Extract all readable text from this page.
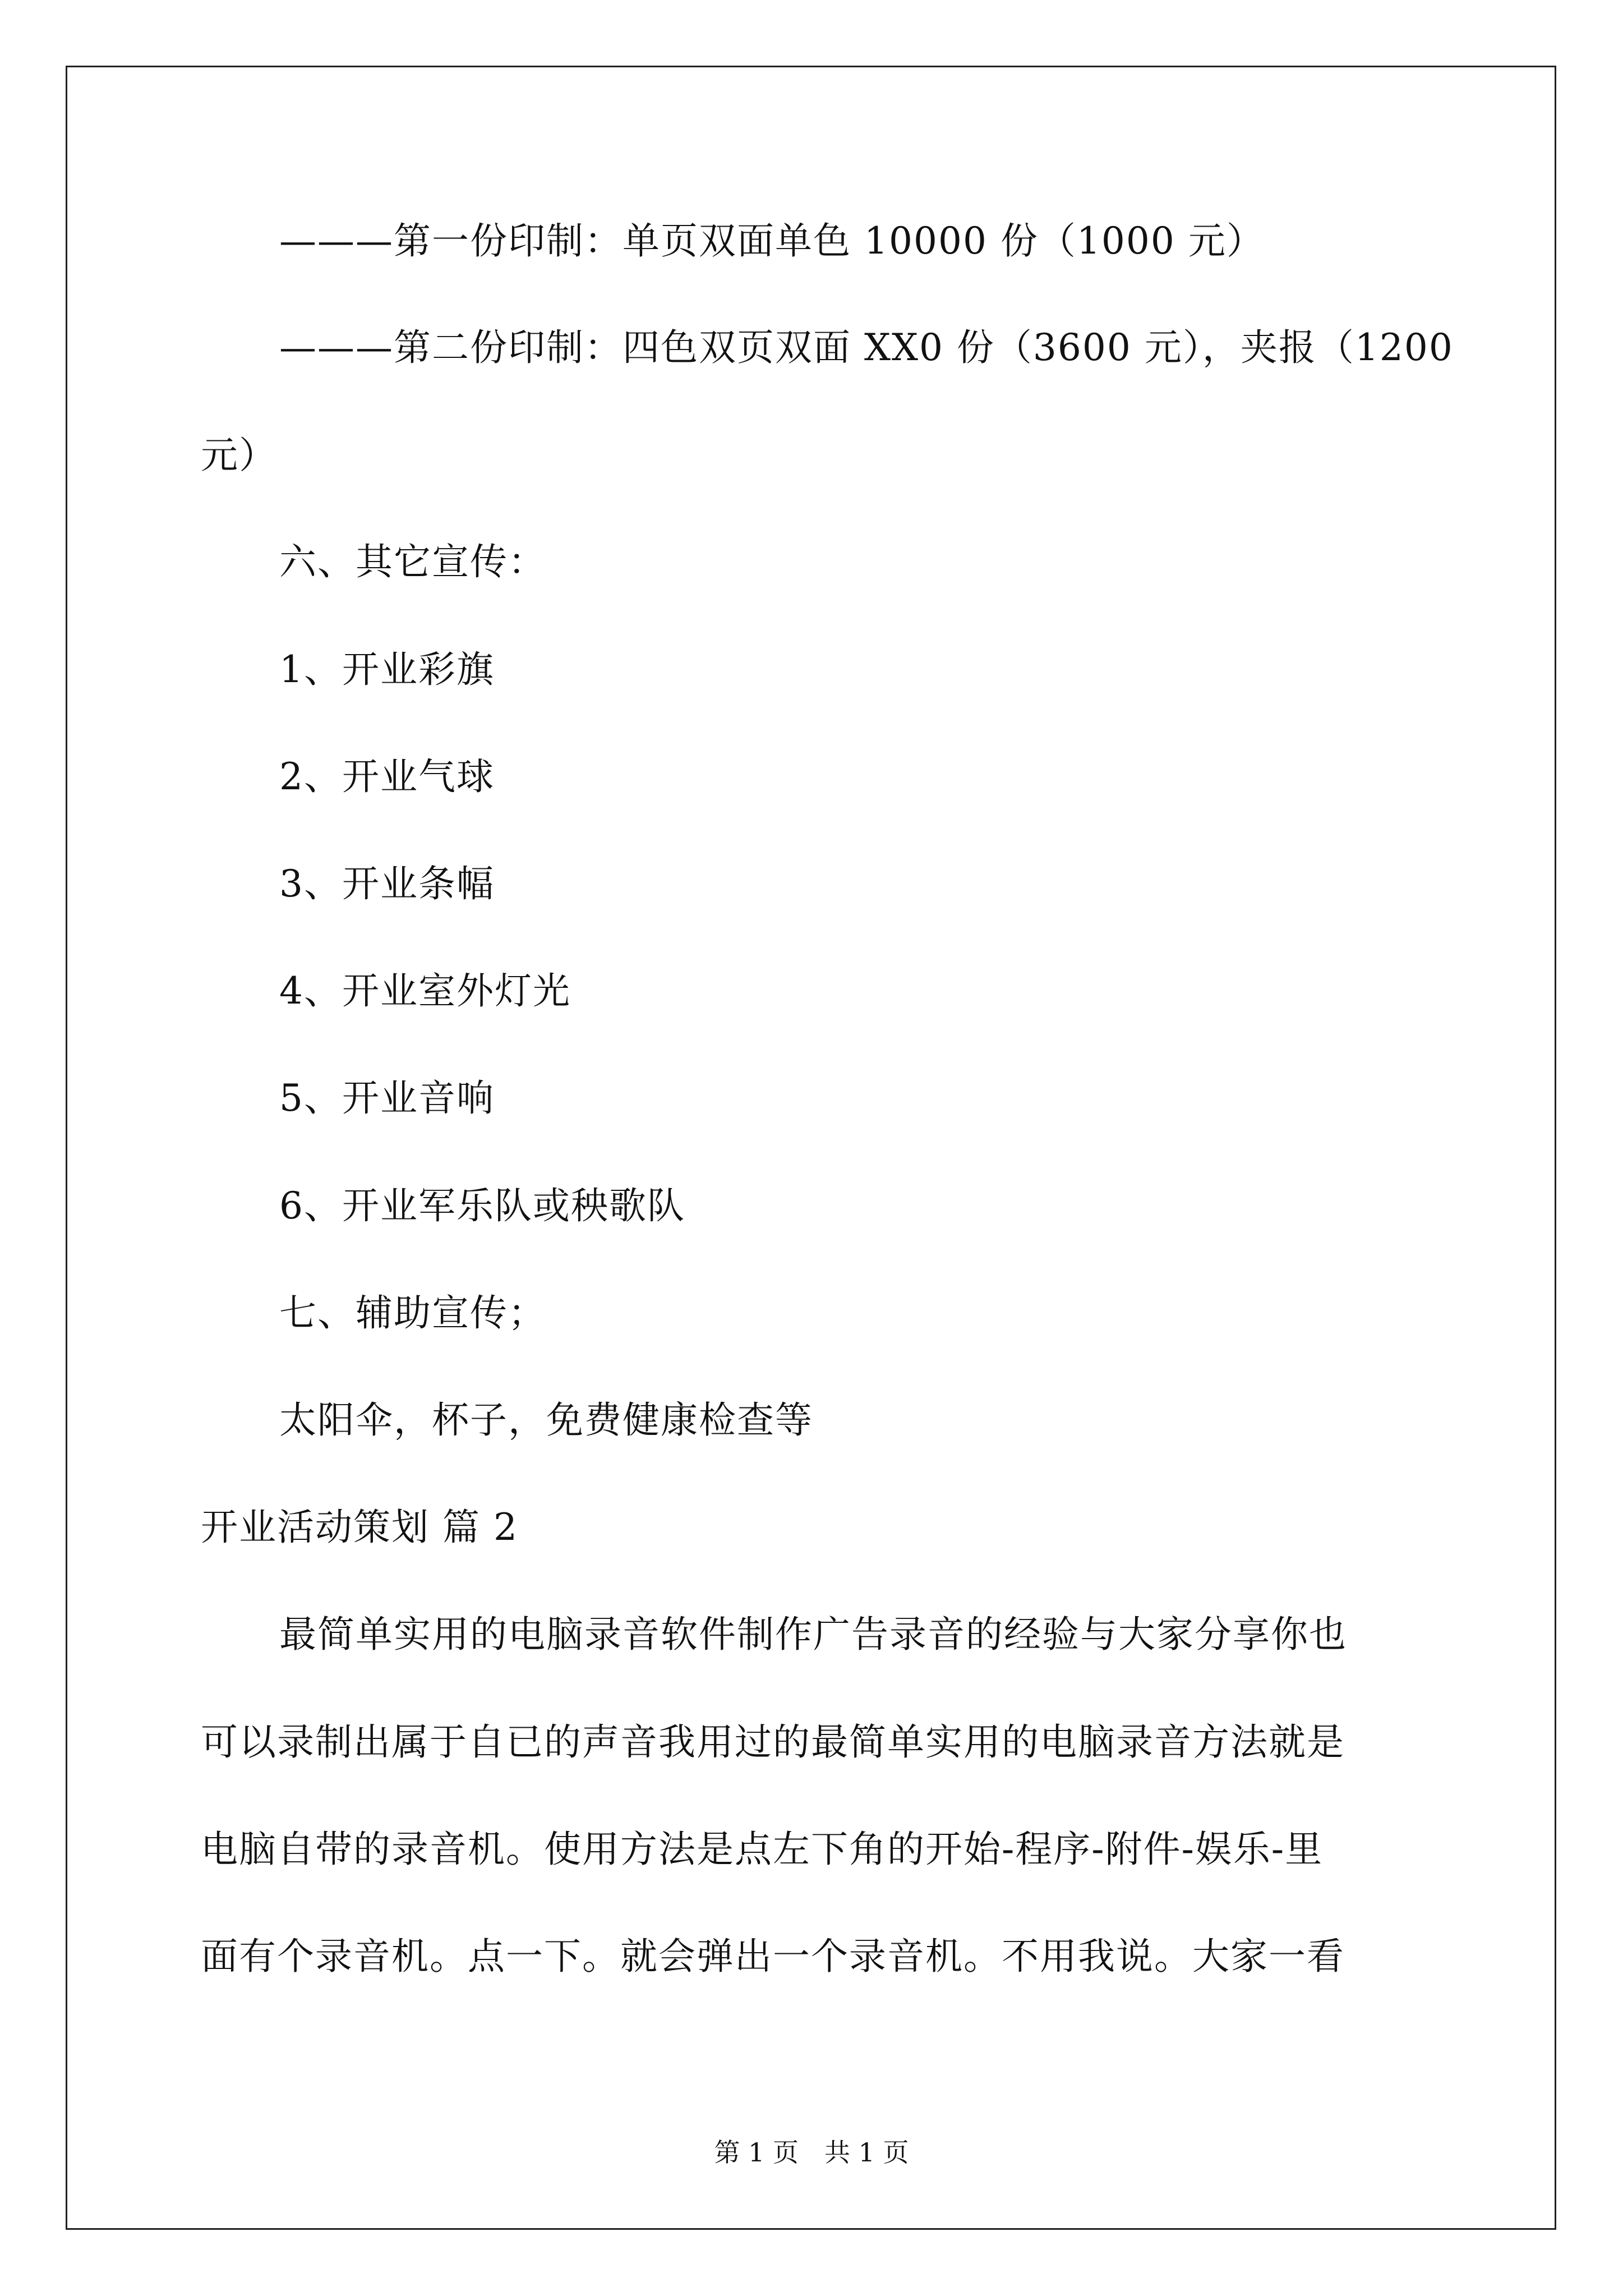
———第一份印制：单页双面单色 10000 份（1000 元）
———第二份印制：四色双页双面 XX0 份（3600 元），夹报（1200
元）
六、其它宣传：
1、开业彩旗
2、开业气球
3、开业条幅
4、开业室外灯光
5、开业音响
6、开业军乐队或秧歌队
七、辅助宣传；
太阳伞，杯子，免费健康检查等
开业活动策划 篇 2
最简单实用的电脑录音软件制作广告录音的经验与大家分享你也
可以录制出属于自已的声音我用过的最简单实用的电脑录音方法就是
电脑自带的录音机。使用方法是点左下角的开始-程序-附件-娱乐-里
面有个录音机。点一下。就会弹出一个录音机。不用我说。大家一看
第 1 页　共 1 页
